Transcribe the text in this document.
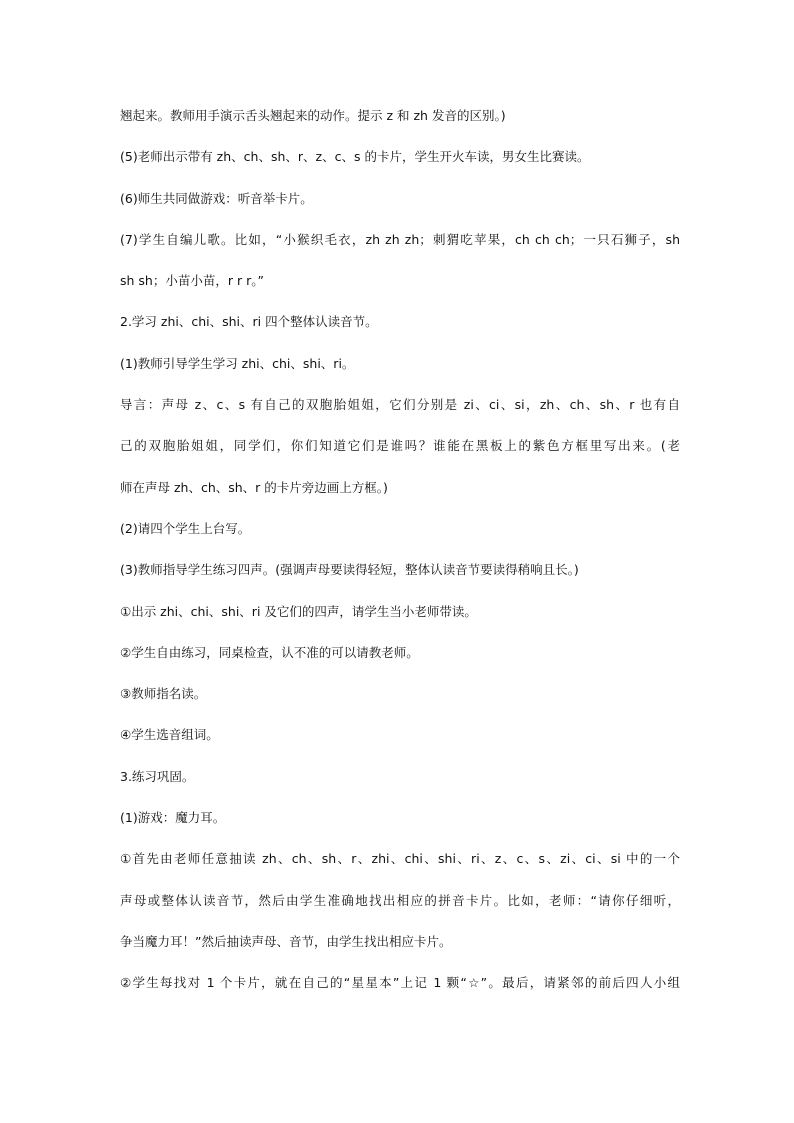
翘起来。教师用手演示舌头翘起来的动作。提示 z 和 zh 发音的区别。)
(5)老师出示带有 zh、ch、sh、r、z、c、s 的卡片，学生开火车读，男女生比赛读。
(6)师生共同做游戏：听音举卡片。
(7)学生自编儿歌。比如，“小猴织毛衣，zh zh zh；刺猬吃苹果，ch ch ch；一只石狮子，sh
sh sh；小苗小苗，r r r。”
2.学习 zhi、chi、shi、ri 四个整体认读音节。
(1)教师引导学生学习 zhi、chi、shi、ri。
导言：声母 z、c、s 有自己的双胞胎姐姐，它们分别是 zi、ci、si，zh、ch、sh、r 也有自
己的双胞胎姐姐，同学们，你们知道它们是谁吗？谁能在黑板上的紫色方框里写出来。(老
师在声母 zh、ch、sh、r 的卡片旁边画上方框。)
(2)请四个学生上台写。
(3)教师指导学生练习四声。(强调声母要读得轻短，整体认读音节要读得稍响且长。)
①出示 zhi、chi、shi、ri 及它们的四声，请学生当小老师带读。
②学生自由练习，同桌检查，认不准的可以请教老师。
③教师指名读。
④学生选音组词。
3.练习巩固。
(1)游戏：魔力耳。
①首先由老师任意抽读 zh、ch、sh、r、zhi、chi、shi、ri、z、c、s、zi、ci、si 中的一个
声母或整体认读音节，然后由学生准确地找出相应的拼音卡片。比如，老师：“请你仔细听，
争当魔力耳！”然后抽读声母、音节，由学生找出相应卡片。
②学生每找对 1 个卡片，就在自己的“星星本”上记 1 颗“☆”。最后，请紧邻的前后四人小组
